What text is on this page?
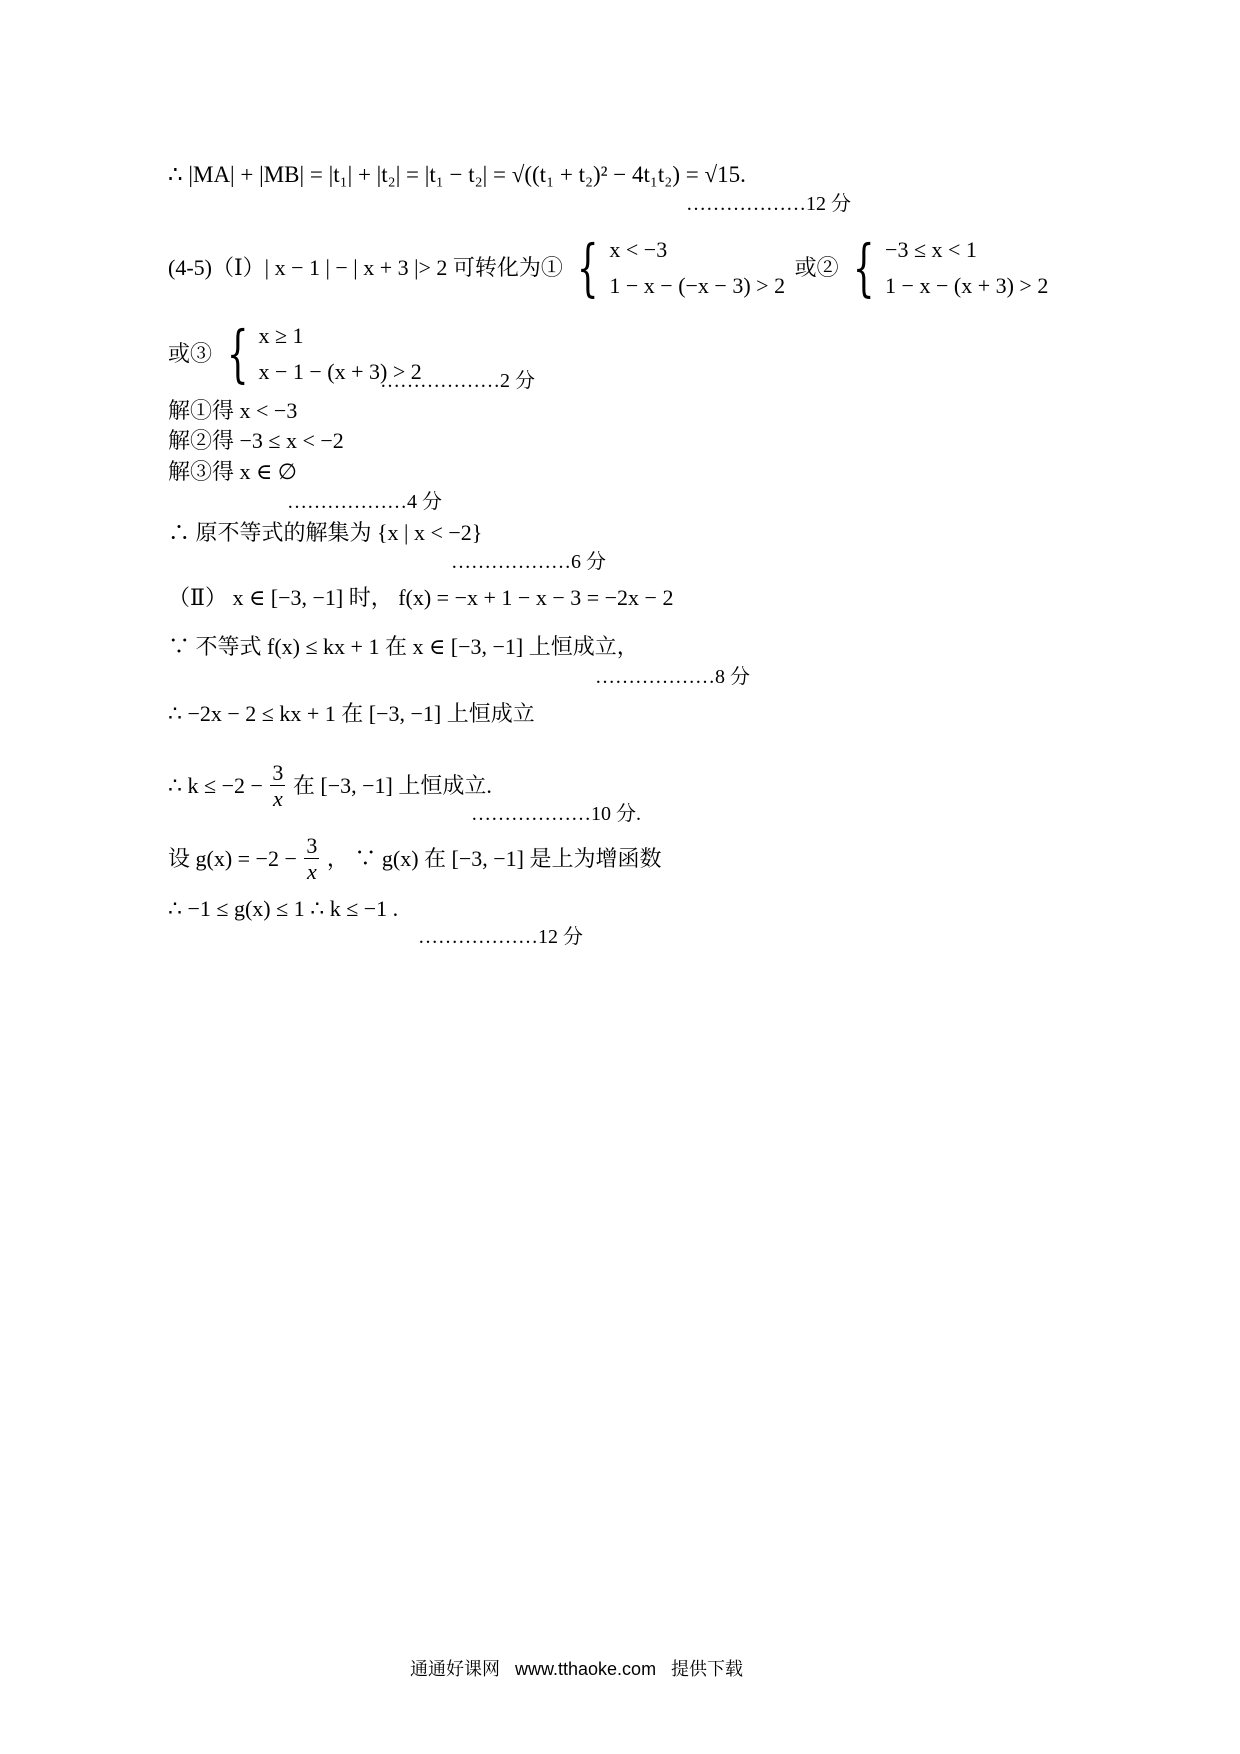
∴ |MA| + |MB| = |t₁| + |t₂| = |t₁ − t₂| = √((t₁ + t₂)² − 4t₁t₂) = √15.
………………12 分
(4-5)（Ⅰ）| x − 1 | − | x + 3 |> 2 可转化为① { x < −3
1 − x − (−x − 3) > 2
或② { −3 ≤ x < 1
1 − x − (x + 3) > 2
或③ { x ≥ 1
x − 1 − (x + 3) > 2
………………2 分
解①得 x < −3
解②得 −3 ≤ x < −2
解③得 x ∈ ∅
………………4 分
∴ 原不等式的解集为 {x | x < −2}
………………6 分
（Ⅱ） x ∈ [−3, −1] 时， f(x) = −x + 1 − x − 3 = −2x − 2
∵ 不等式 f(x) ≤ kx + 1 在 x ∈ [−3, −1] 上恒成立，
………………8 分
∴ −2x − 2 ≤ kx + 1 在 [−3, −1] 上恒成立
∴ $k \le -2 - \frac{3}{x}$ 在 [−3, −1] 上恒成立.
………………10 分.
设 $g(x) = -2 - \frac{3}{x}$ ， ∵ g(x) 在 [−3, −1] 是上为增函数
∴ −1 ≤ g(x) ≤ 1 ∴ k ≤ −1 .
………………12 分
通通好课网   www.tthaoke.com   提供下载
